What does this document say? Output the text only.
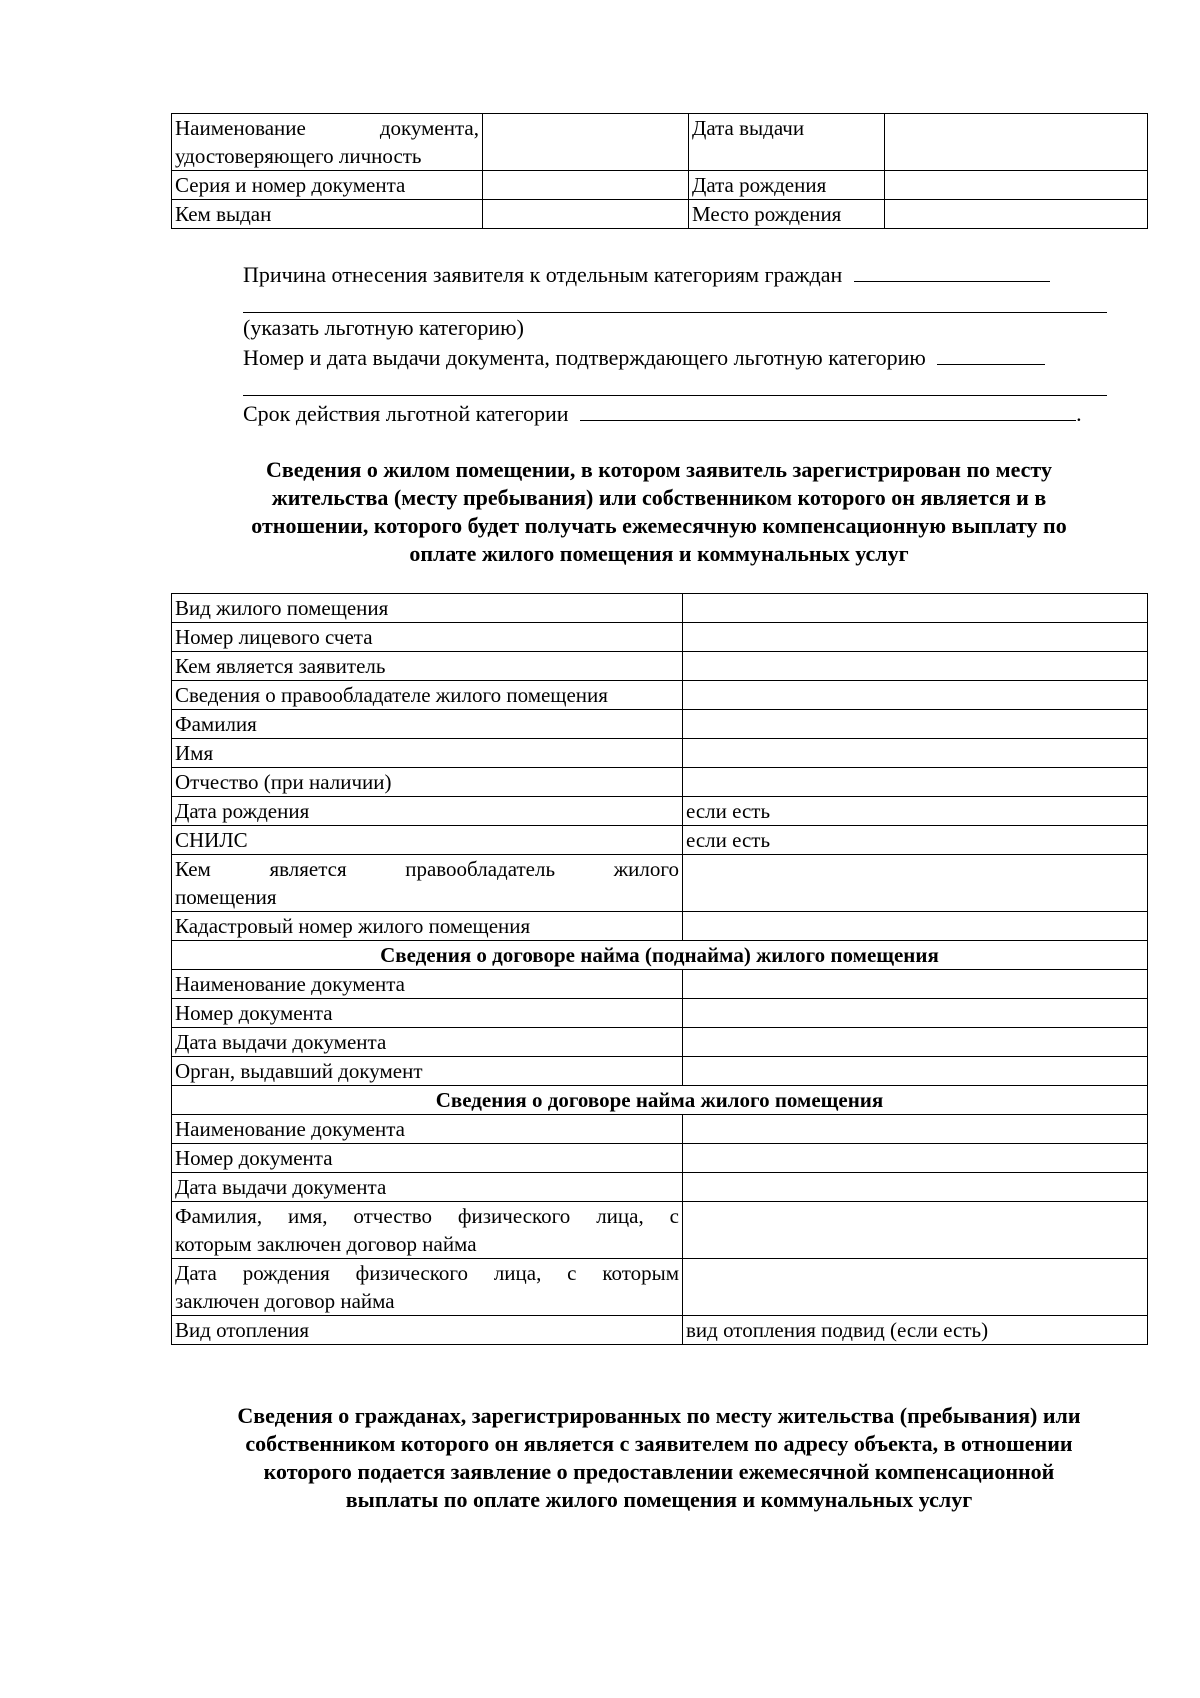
Наименование документа,
удостоверяющего личность		Дата выдачи	
Серия и номер документа		Дата рождения	
Кем выдан		Место рождения	
Причина отнесения заявителя к отдельным категориям граждан
(указать льготную категорию)
Номер и дата выдачи документа, подтверждающего льготную категорию
Срок действия льготной категории	.
Сведения о жилом помещении, в котором заявитель зарегистрирован по месту
жительства (месту пребывания) или собственником которого он является и в
отношении, которого будет получать ежемесячную компенсационную выплату по
оплате жилого помещения и коммунальных услуг
Вид жилого помещения	
Номер лицевого счета	
Кем является заявитель	
Сведения о правообладателе жилого помещения	
Фамилия	
Имя	
Отчество (при наличии)	
Дата рождения	если есть
СНИЛС	если есть

Кем является правообладатель жилого
помещения	

Кадастровый номер жилого помещения	
Сведения о договоре найма (поднайма) жилого помещения	
Наименование документа	
Номер документа	
Дата выдачи документа	
Орган, выдавший документ	
Сведения о договоре найма жилого помещения	
Наименование документа	
Номер документа	
Дата выдачи документа	

Фамилия, имя, отчество физического лица, с
которым заключен договор найма	

Дата рождения физического лица, с которым
заключен договор найма	

Вид отопления	вид отопления подвид (если есть)
Сведения о гражданах, зарегистрированных по месту жительства (пребывания) или
собственником которого он является с заявителем по адресу объекта, в отношении
которого подается заявление о предоставлении ежемесячной компенсационной
выплаты по оплате жилого помещения и коммунальных услуг
